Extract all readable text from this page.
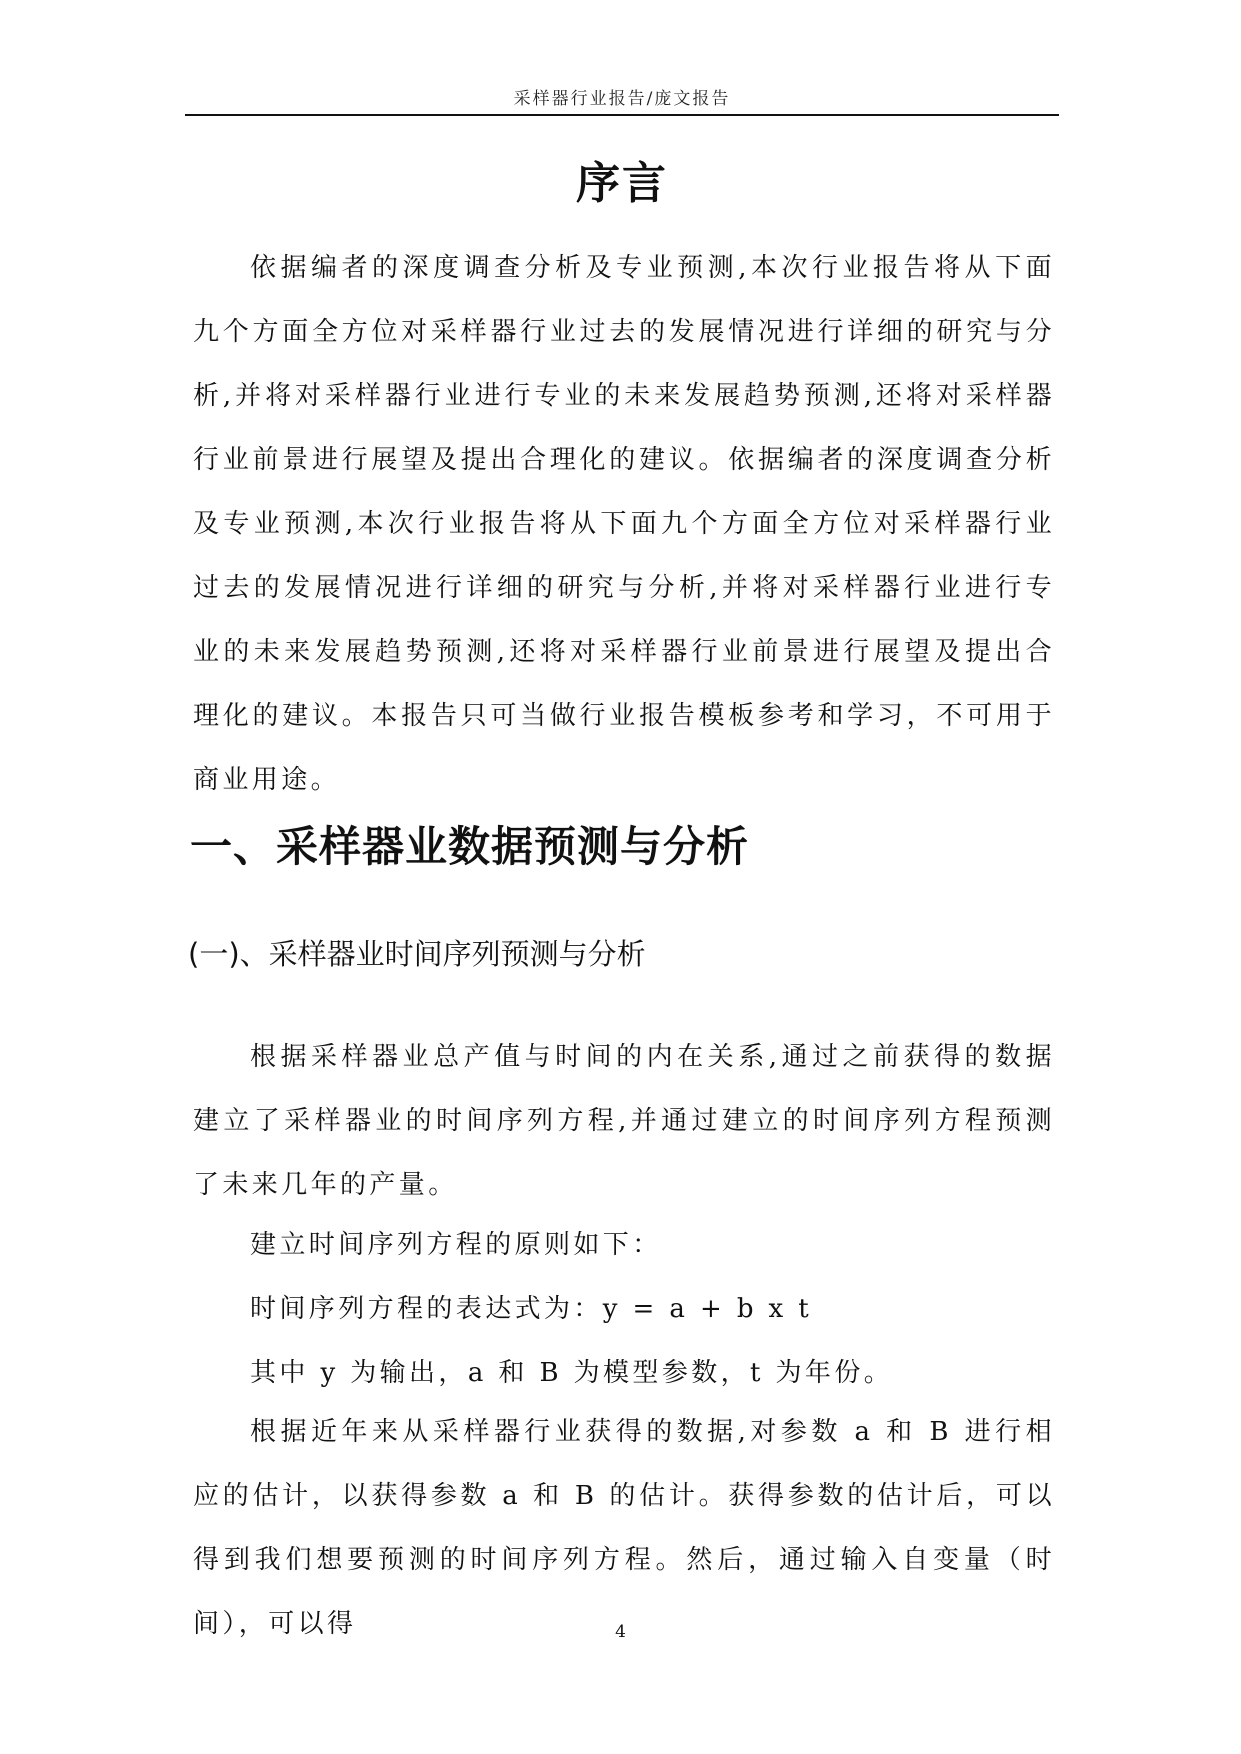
采样器行业报告/庞文报告
序言

依据编者的深度调查分析及专业预测,本次行业报告将从下面九个方面全方位对采样器行业过去的发展情况进行详细的研究与分析,并将对采样器行业进行专业的未来发展趋势预测,还将对采样器行业前景进行展望及提出合理化的建议。依据编者的深度调查分析及专业预测,本次行业报告将从下面九个方面全方位对采样器行业过去的发展情况进行详细的研究与分析,并将对采样器行业进行专业的未来发展趋势预测,还将对采样器行业前景进行展望及提出合理化的建议。本报告只可当做行业报告模板参考和学习，不可用于商业用途。

一、采样器业数据预测与分析
(一)、采样器业时间序列预测与分析

根据采样器业总产值与时间的内在关系,通过之前获得的数据建立了采样器业的时间序列方程,并通过建立的时间序列方程预测了未来几年的产量。

建立时间序列方程的原则如下：

时间序列方程的表达式为：y = a + b x t

其中 y 为输出，a 和 B 为模型参数，t 为年份。

根据近年来从采样器行业获得的数据,对参数 a 和 B 进行相应的估计，以获得参数 a 和 B 的估计。获得参数的估计后，可以得到我们想要预测的时间序列方程。然后，通过输入自变量（时间），可以得	4
